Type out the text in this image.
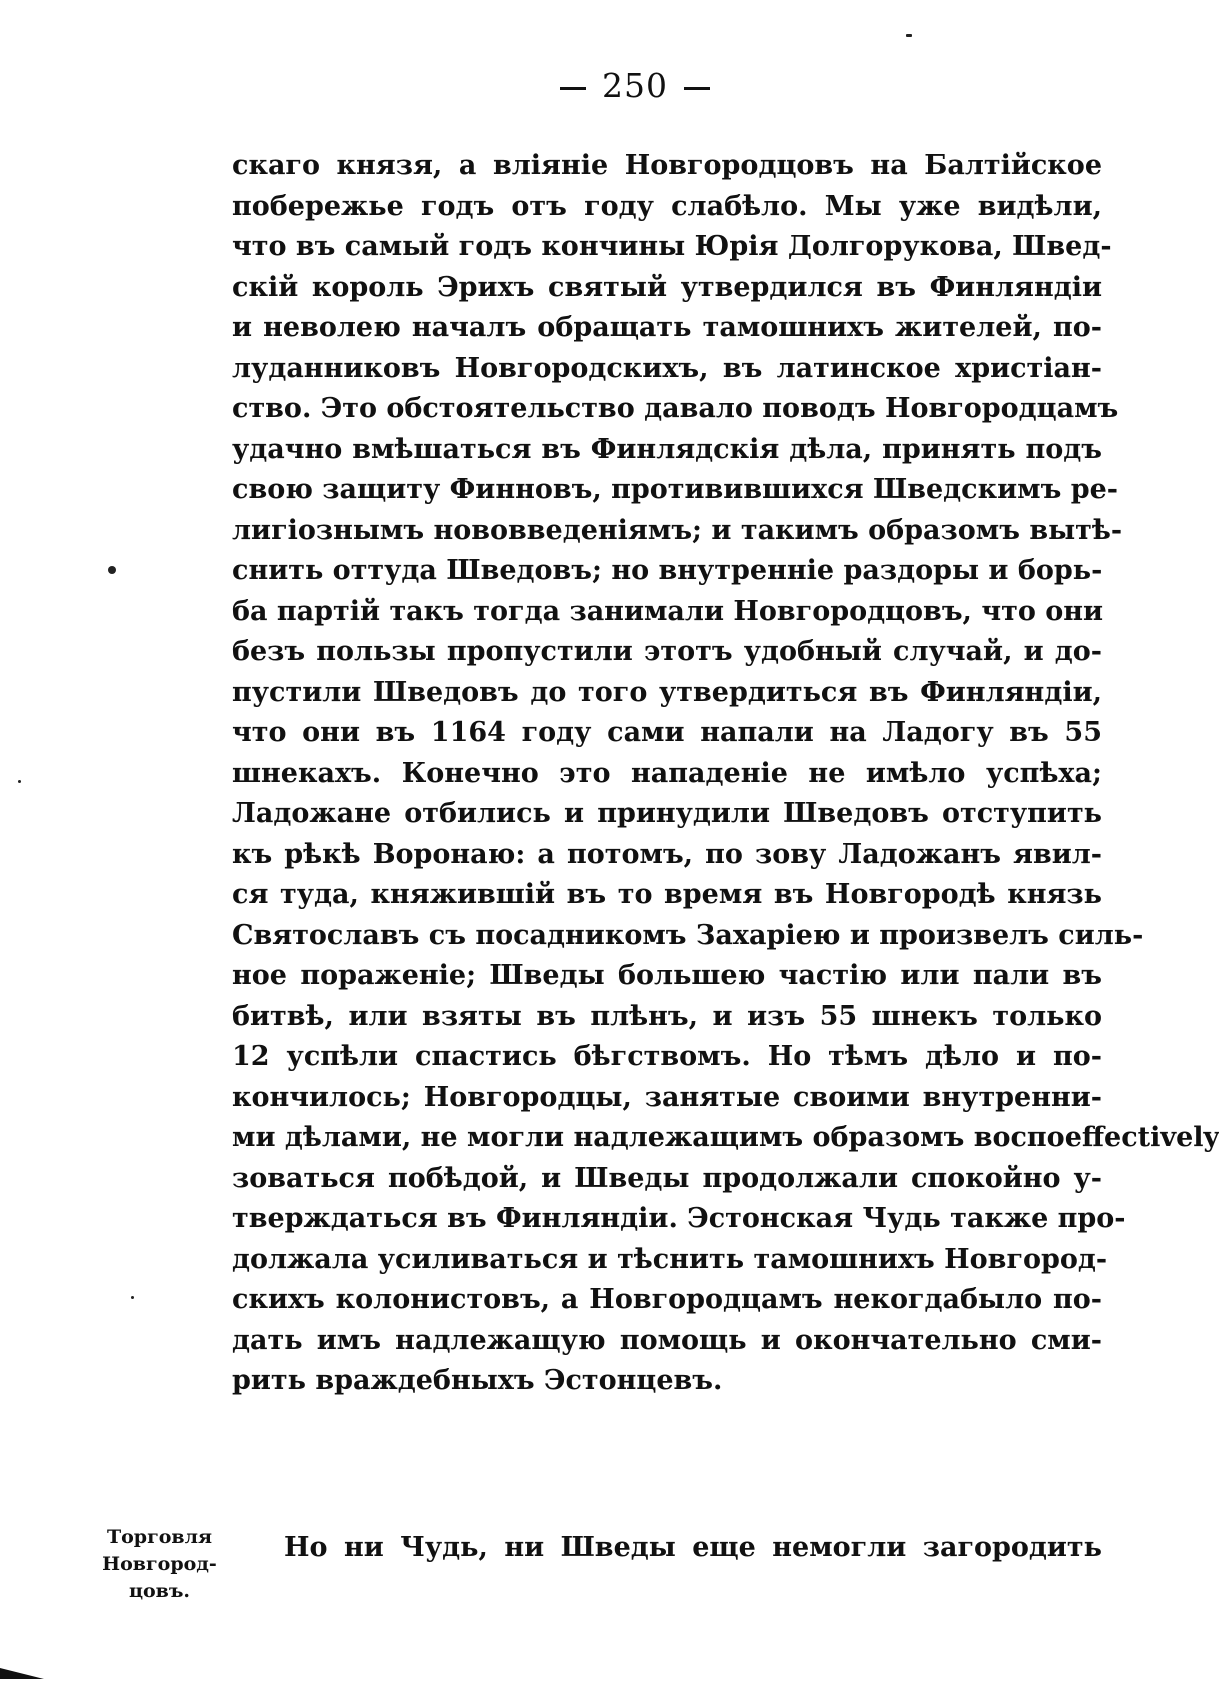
250
скаго князя, а вліяніе Новгородцовъ на Балтійское
побережье годъ отъ году слабѣло. Мы уже видѣли,
что въ самый годъ кончины Юрія Долгорукова, Швед-
скій король Эрихъ святый утвердился въ Финляндіи
и неволею началъ обращать тамошнихъ жителей, по-
луданниковъ Новгородскихъ, въ латинское христіан-
ство. Это обстоятельство давало поводъ Новгородцамъ
удачно вмѣшаться въ Финлядскія дѣла, принять подъ
свою защиту Финновъ, противившихся Шведскимъ ре-
лигіознымъ нововведеніямъ; и такимъ образомъ вытѣ-
снить оттуда Шведовъ; но внутренніе раздоры и борь-
ба партій такъ тогда занимали Новгородцовъ, что они
безъ пользы пропустили этотъ удобный случай, и до-
пустили Шведовъ до того утвердиться въ Финляндіи,
что они въ 1164 году сами напали на Ладогу въ 55
шнекахъ. Конечно это нападеніе не имѣло успѣха;
Ладожане отбились и принудили Шведовъ отступить
къ рѣкѣ Воронаю: а потомъ, по зову Ладожанъ явил-
ся туда, княжившій въ то время въ Новгородѣ князь
Святославъ съ посадникомъ Захаріею и произвелъ силь-
ное пораженіе; Шведы большею частію или пали въ
битвѣ, или взяты въ плѣнъ, и изъ 55 шнекъ только
12 успѣли спастись бѣгствомъ. Но тѣмъ дѣло и по-
кончилось; Новгородцы, занятые своими внутренни-
ми дѣлами, не могли надлежащимъ образомъ воспоeffectively
зоваться побѣдой, и Шведы продолжали спокойно у-
тверждаться въ Финляндіи. Эстонская Чудь также про-
должала усиливаться и тѣснить тамошнихъ Новгород-
скихъ колонистовъ, а Новгородцамъ некогдабыло по-
дать имъ надлежащую помощь и окончательно сми-
рить враждебныхъ Эстонцевъ.
Торговля
Новгород-
цовъ.
Но ни Чудь, ни Шведы еще немогли загородить
